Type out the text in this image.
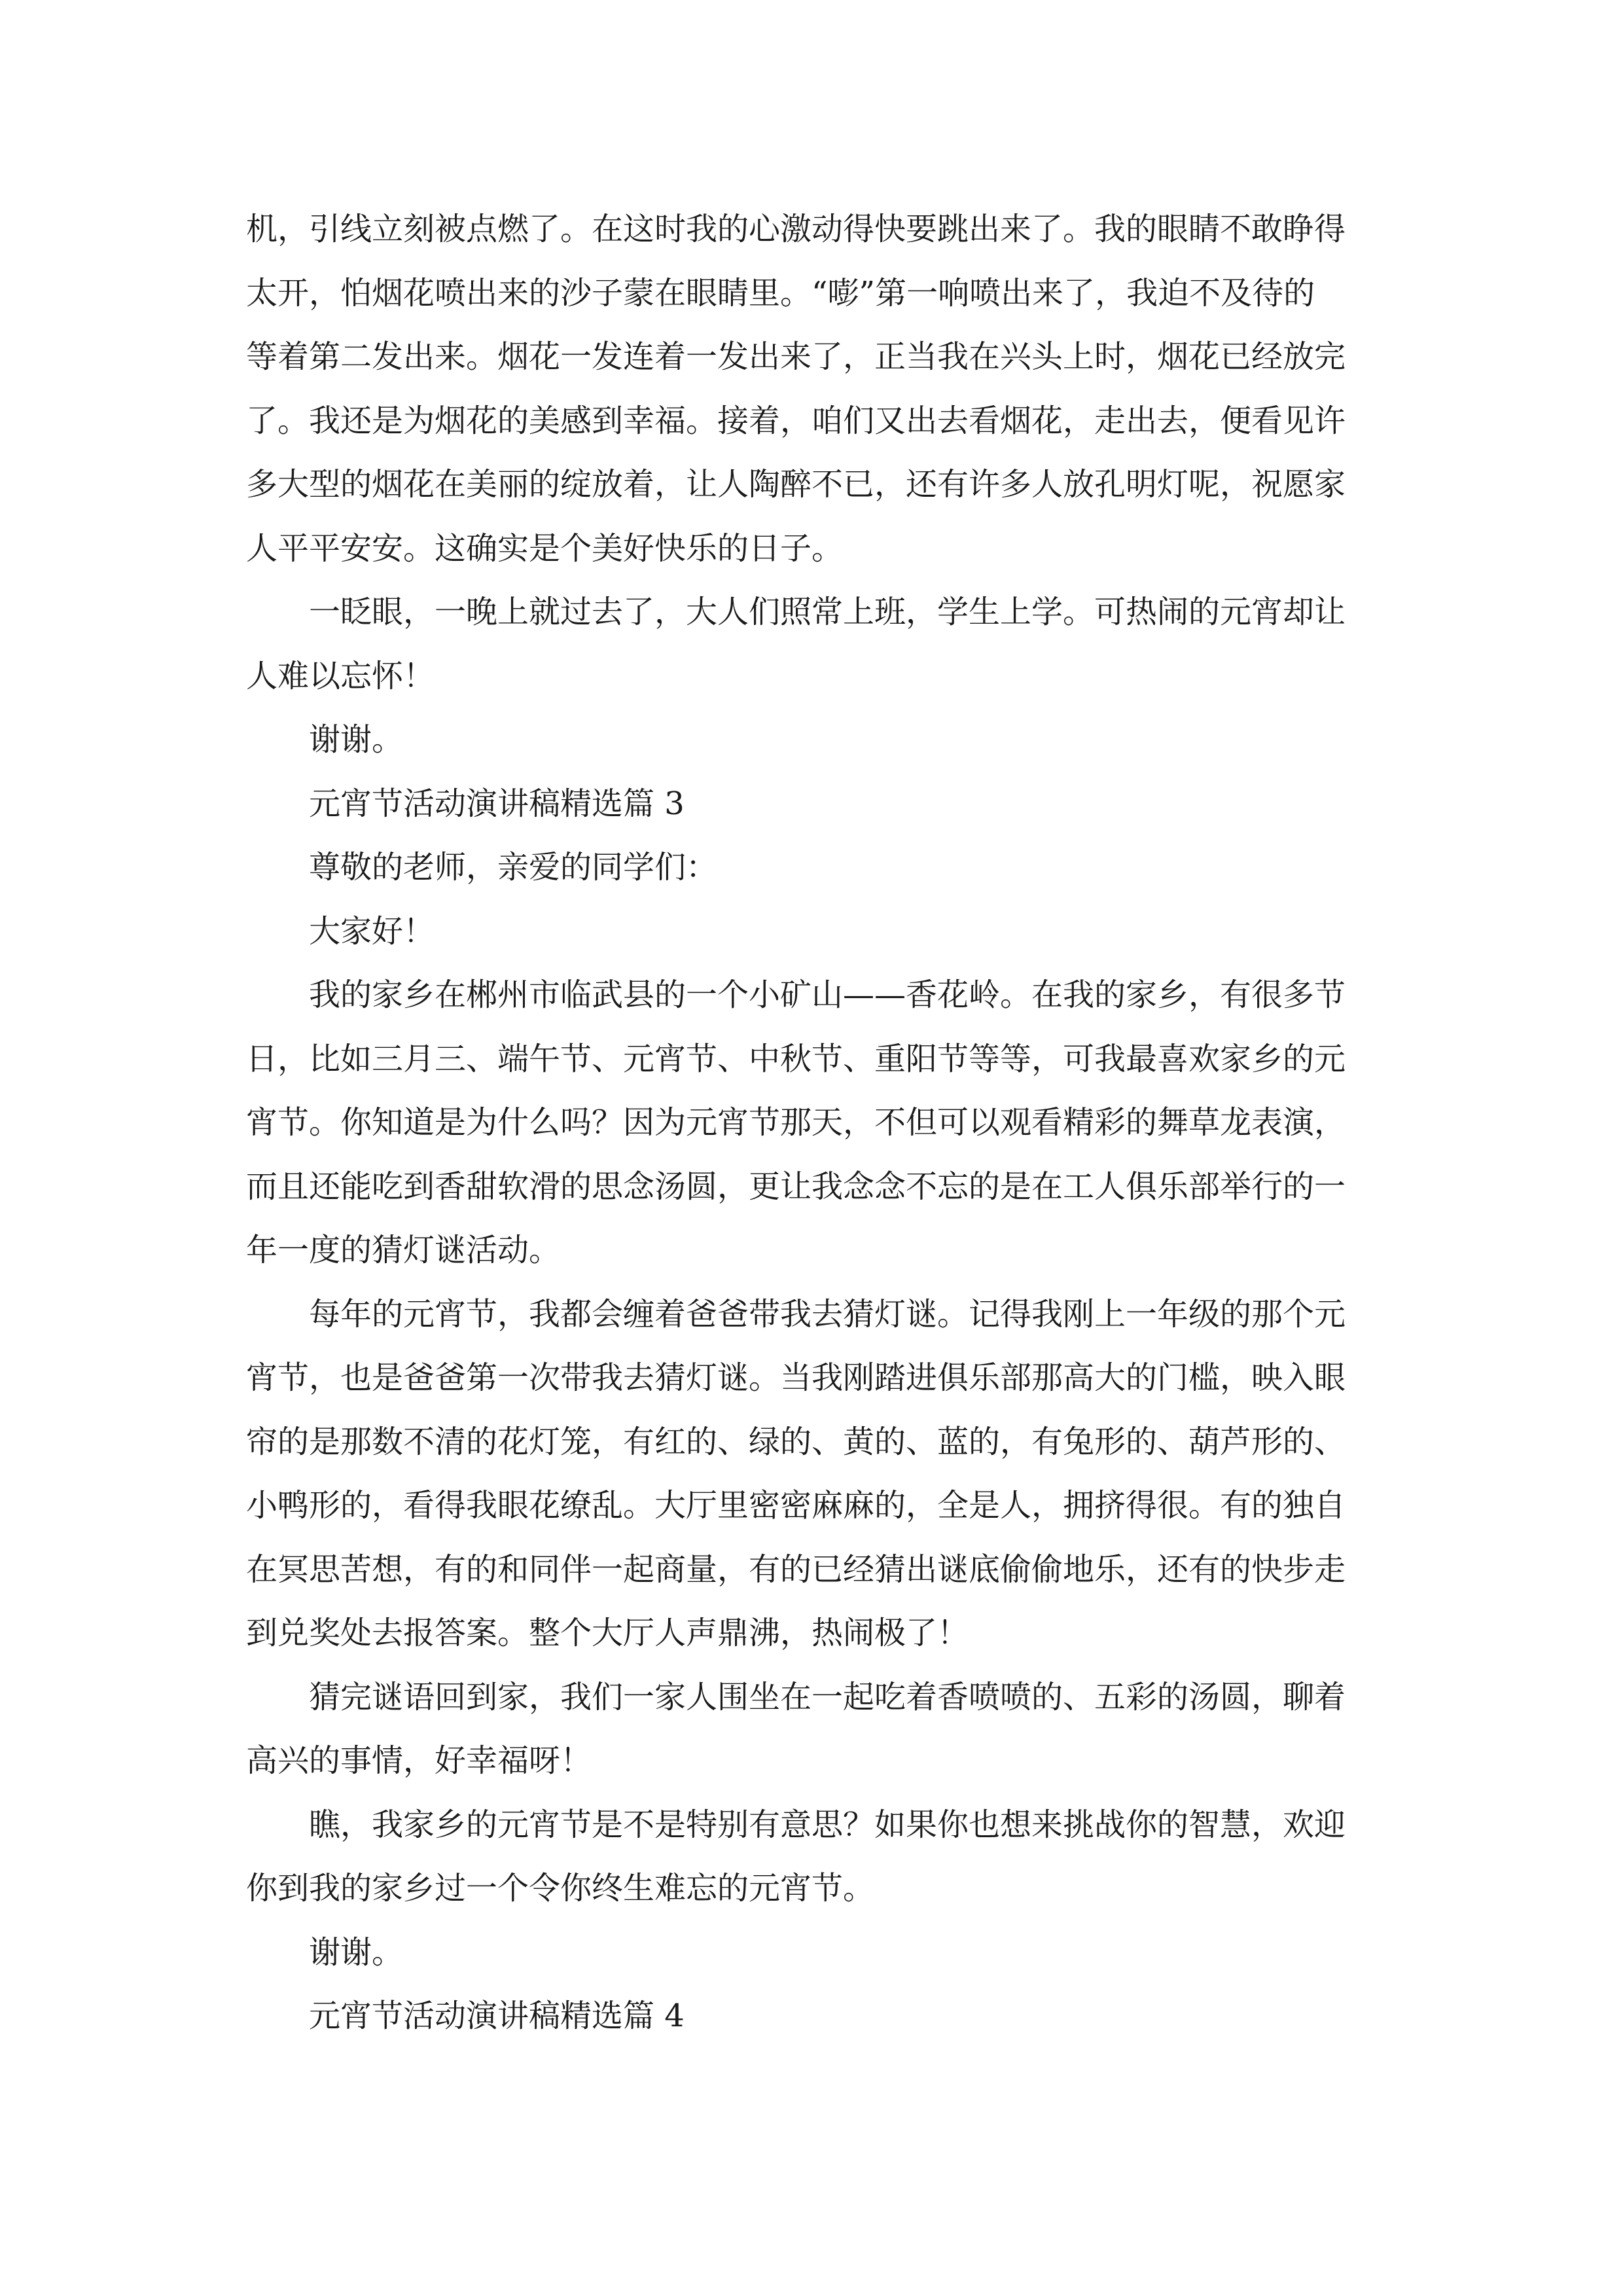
机，引线立刻被点燃了。在这时我的心激动得快要跳出来了。我的眼睛不敢睁得
太开，怕烟花喷出来的沙子蒙在眼睛里。“嘭”第一响喷出来了，我迫不及待的
等着第二发出来。烟花一发连着一发出来了，正当我在兴头上时，烟花已经放完
了。我还是为烟花的美感到幸福。接着，咱们又出去看烟花，走出去，便看见许
多大型的烟花在美丽的绽放着，让人陶醉不已，还有许多人放孔明灯呢，祝愿家
人平平安安。这确实是个美好快乐的日子。
一眨眼，一晚上就过去了，大人们照常上班，学生上学。可热闹的元宵却让
人难以忘怀！
谢谢。
元宵节活动演讲稿精选篇 3
尊敬的老师，亲爱的同学们：
大家好！
我的家乡在郴州市临武县的一个小矿山——香花岭。在我的家乡，有很多节
日，比如三月三、端午节、元宵节、中秋节、重阳节等等，可我最喜欢家乡的元
宵节。你知道是为什么吗？因为元宵节那天，不但可以观看精彩的舞草龙表演，
而且还能吃到香甜软滑的思念汤圆，更让我念念不忘的是在工人俱乐部举行的一
年一度的猜灯谜活动。
每年的元宵节，我都会缠着爸爸带我去猜灯谜。记得我刚上一年级的那个元
宵节，也是爸爸第一次带我去猜灯谜。当我刚踏进俱乐部那高大的门槛，映入眼
帘的是那数不清的花灯笼，有红的、绿的、黄的、蓝的，有兔形的、葫芦形的、
小鸭形的，看得我眼花缭乱。大厅里密密麻麻的，全是人，拥挤得很。有的独自
在冥思苦想，有的和同伴一起商量，有的已经猜出谜底偷偷地乐，还有的快步走
到兑奖处去报答案。整个大厅人声鼎沸，热闹极了！
猜完谜语回到家，我们一家人围坐在一起吃着香喷喷的、五彩的汤圆，聊着
高兴的事情，好幸福呀！
瞧，我家乡的元宵节是不是特别有意思？如果你也想来挑战你的智慧，欢迎
你到我的家乡过一个令你终生难忘的元宵节。
谢谢。
元宵节活动演讲稿精选篇 4
